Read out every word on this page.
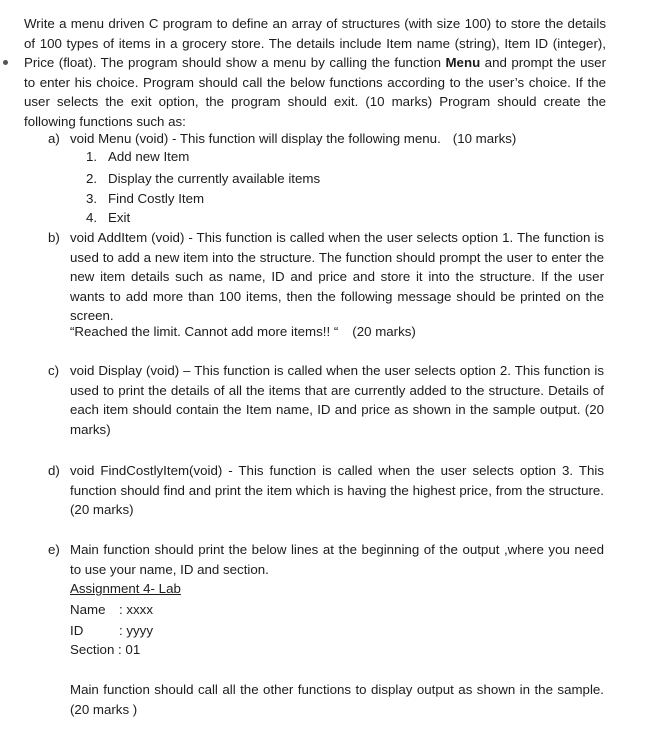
Write a menu driven C program to define an array of structures (with size 100) to store the details of 100 types of items in a grocery store. The details include Item name (string), Item ID (integer), Price (float). The program should show a menu by calling the function Menu and prompt the user to enter his choice. Program should call the below functions according to the user’s choice. If the user selects the exit option, the program should exit. (10 marks) Program should create the following functions such as:
a) void Menu (void) - This function will display the following menu. (10 marks)
1. Add new Item
2. Display the currently available items
3. Find Costly Item
4. Exit
b) void AddItem (void) - This function is called when the user selects option 1. The function is used to add a new item into the structure. The function should prompt the user to enter the new item details such as name, ID and price and store it into the structure. If the user wants to add more than 100 items, then the following message should be printed on the screen.
“Reached the limit. Cannot add more items!! “ (20 marks)
c) void Display (void) – This function is called when the user selects option 2. This function is used to print the details of all the items that are currently added to the structure. Details of each item should contain the Item name, ID and price as shown in the sample output. (20 marks)
d) void FindCostlyItem(void) - This function is called when the user selects option 3. This function should find and print the item which is having the highest price, from the structure. (20 marks)
e) Main function should print the below lines at the beginning of the output ,where you need to use your name, ID and section.
Assignment 4- Lab
Name : xxxx
ID	: yyyy
Section : 01
Main function should call all the other functions to display output as shown in the sample. (20 marks )
